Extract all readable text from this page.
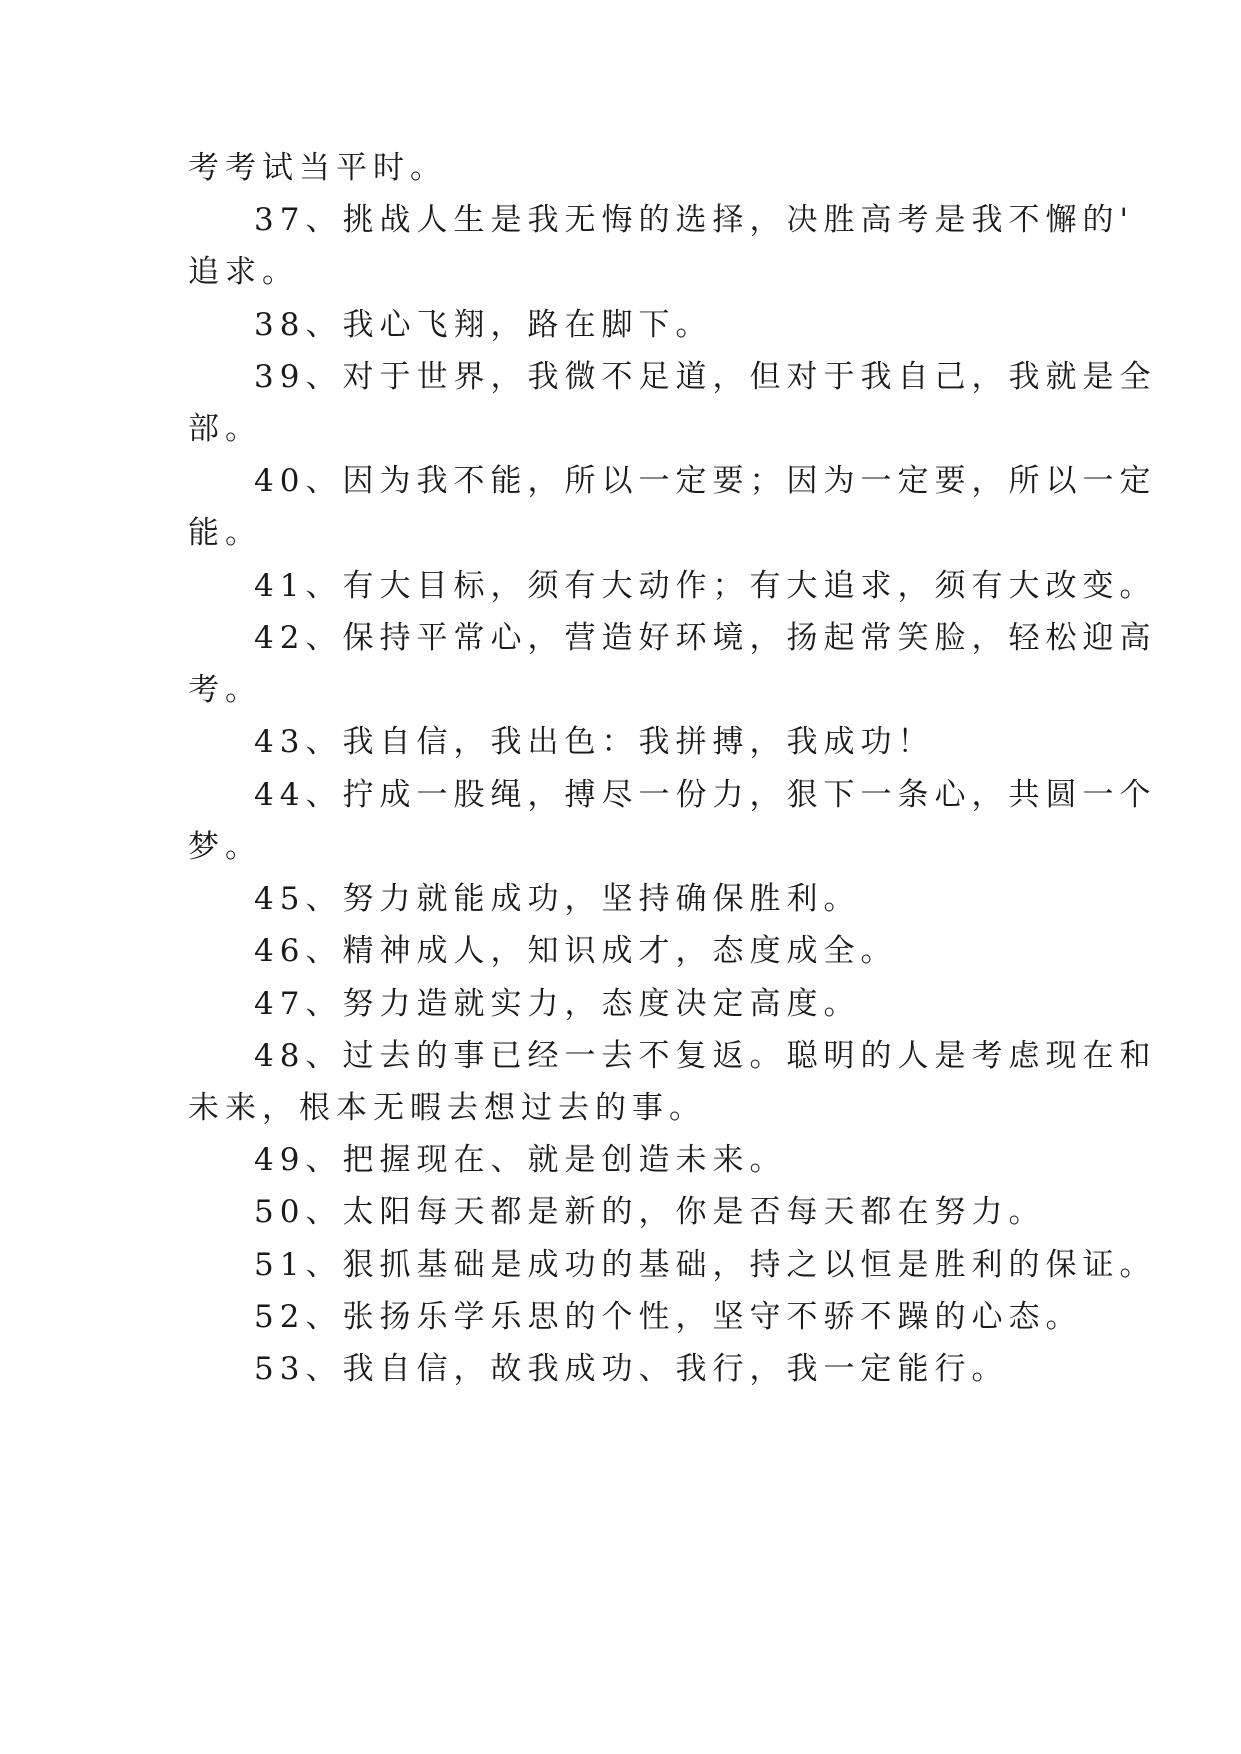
考考试当平时。
37、挑战人生是我无悔的选择，决胜高考是我不懈的'
追求。
38、我心飞翔，路在脚下。
39、对于世界，我微不足道，但对于我自己，我就是全
部。
40、因为我不能，所以一定要；因为一定要，所以一定
能。
41、有大目标，须有大动作；有大追求，须有大改变。
42、保持平常心，营造好环境，扬起常笑脸，轻松迎高
考。
43、我自信，我出色：我拼搏，我成功！
44、拧成一股绳，搏尽一份力，狠下一条心，共圆一个
梦。
45、努力就能成功，坚持确保胜利。
46、精神成人，知识成才，态度成全。
47、努力造就实力，态度决定高度。
48、过去的事已经一去不复返。聪明的人是考虑现在和
未来，根本无暇去想过去的事。
49、把握现在、就是创造未来。
50、太阳每天都是新的，你是否每天都在努力。
51、狠抓基础是成功的基础，持之以恒是胜利的保证。
52、张扬乐学乐思的个性，坚守不骄不躁的心态。
53、我自信，故我成功、我行，我一定能行。
